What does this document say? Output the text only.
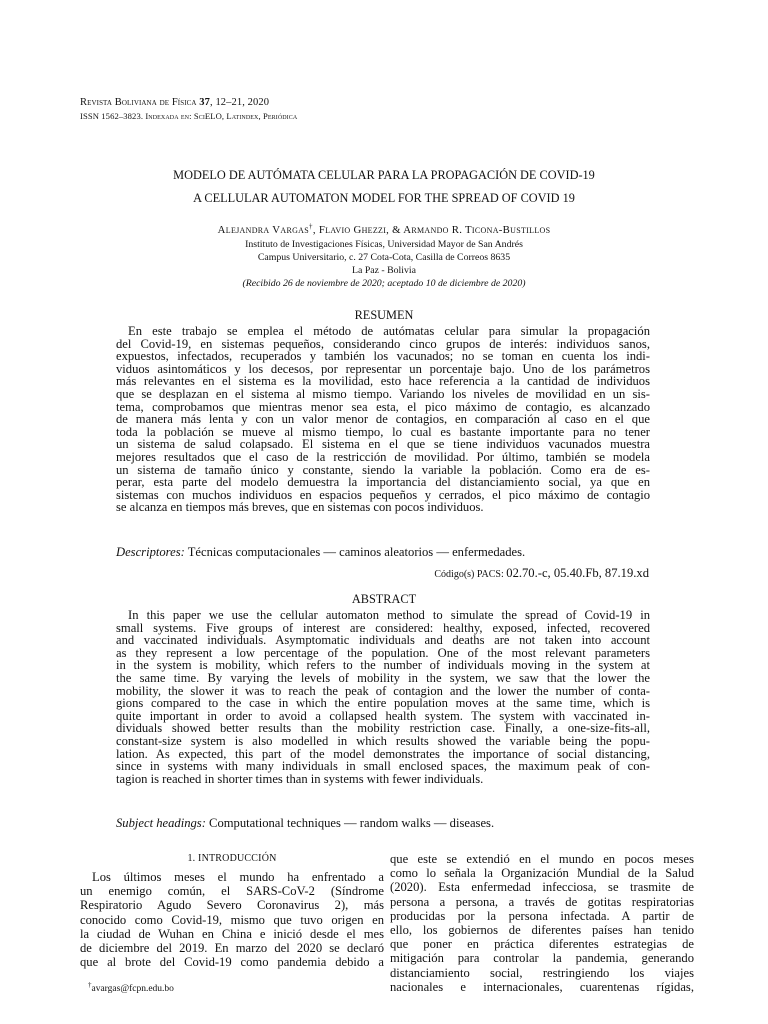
Revista Boliviana de Física 37, 12–21, 2020
ISSN 1562–3823. Indexada en: SciELO, Latindex, Periódica
MODELO DE AUTÓMATA CELULAR PARA LA PROPAGACIÓN DE COVID-19
A CELLULAR AUTOMATON MODEL FOR THE SPREAD OF COVID 19
Alejandra Vargas†, Flavio Ghezzi, & Armando R. Ticona-Bustillos
Instituto de Investigaciones Físicas, Universidad Mayor de San Andrés
Campus Universitario, c. 27 Cota-Cota, Casilla de Correos 8635
La Paz - Bolivia
(Recibido 26 de noviembre de 2020; aceptado 10 de diciembre de 2020)
RESUMEN
En este trabajo se emplea el método de autómatas celular para simular la propagación
del Covid-19, en sistemas pequeños, considerando cinco grupos de interés: individuos sanos,
expuestos, infectados, recuperados y también los vacunados; no se toman en cuenta los indi-
viduos asintomáticos y los decesos, por representar un porcentaje bajo. Uno de los parámetros
más relevantes en el sistema es la movilidad, esto hace referencia a la cantidad de individuos
que se desplazan en el sistema al mismo tiempo. Variando los niveles de movilidad en un sis-
tema, comprobamos que mientras menor sea esta, el pico máximo de contagio, es alcanzado
de manera más lenta y con un valor menor de contagios, en comparación al caso en el que
toda la población se mueve al mismo tiempo, lo cual es bastante importante para no tener
un sistema de salud colapsado. El sistema en el que se tiene individuos vacunados muestra
mejores resultados que el caso de la restricción de movilidad. Por último, también se modela
un sistema de tamaño único y constante, siendo la variable la población. Como era de es-
perar, esta parte del modelo demuestra la importancia del distanciamiento social, ya que en
sistemas con muchos individuos en espacios pequeños y cerrados, el pico máximo de contagio
se alcanza en tiempos más breves, que en sistemas con pocos individuos.
Descriptores: Técnicas computacionales — caminos aleatorios — enfermedades.
Código(s) PACS: 02.70.-c, 05.40.Fb, 87.19.xd
ABSTRACT
In this paper we use the cellular automaton method to simulate the spread of Covid-19 in
small systems. Five groups of interest are considered: healthy, exposed, infected, recovered
and vaccinated individuals. Asymptomatic individuals and deaths are not taken into account
as they represent a low percentage of the population. One of the most relevant parameters
in the system is mobility, which refers to the number of individuals moving in the system at
the same time. By varying the levels of mobility in the system, we saw that the lower the
mobility, the slower it was to reach the peak of contagion and the lower the number of conta-
gions compared to the case in which the entire population moves at the same time, which is
quite important in order to avoid a collapsed health system. The system with vaccinated in-
dividuals showed better results than the mobility restriction case. Finally, a one-size-fits-all,
constant-size system is also modelled in which results showed the variable being the popu-
lation. As expected, this part of the model demonstrates the importance of social distancing,
since in systems with many individuals in small enclosed spaces, the maximum peak of con-
tagion is reached in shorter times than in systems with fewer individuals.
Subject headings: Computational techniques — random walks — diseases.
1. INTRODUCCIÓN
Los últimos meses el mundo ha enfrentado a
un enemigo común, el SARS-CoV-2 (Síndrome
Respiratorio Agudo Severo Coronavirus 2), más
conocido como Covid-19, mismo que tuvo origen en
la ciudad de Wuhan en China e inició desde el mes
de diciembre del 2019. En marzo del 2020 se declaró
que al brote del Covid-19 como pandemia debido a
que este se extendió en el mundo en pocos meses
como lo señala la Organización Mundial de la Salud
(2020). Esta enfermedad infecciosa, se trasmite de
persona a persona, a través de gotitas respiratorias
producidas por la persona infectada. A partir de
ello, los gobiernos de diferentes países han tenido
que poner en práctica diferentes estrategias de
mitigación para controlar la pandemia, generando
distanciamiento social, restringiendo los viajes
nacionales e internacionales, cuarentenas rígidas,
†avargas@fcpn.edu.bo
